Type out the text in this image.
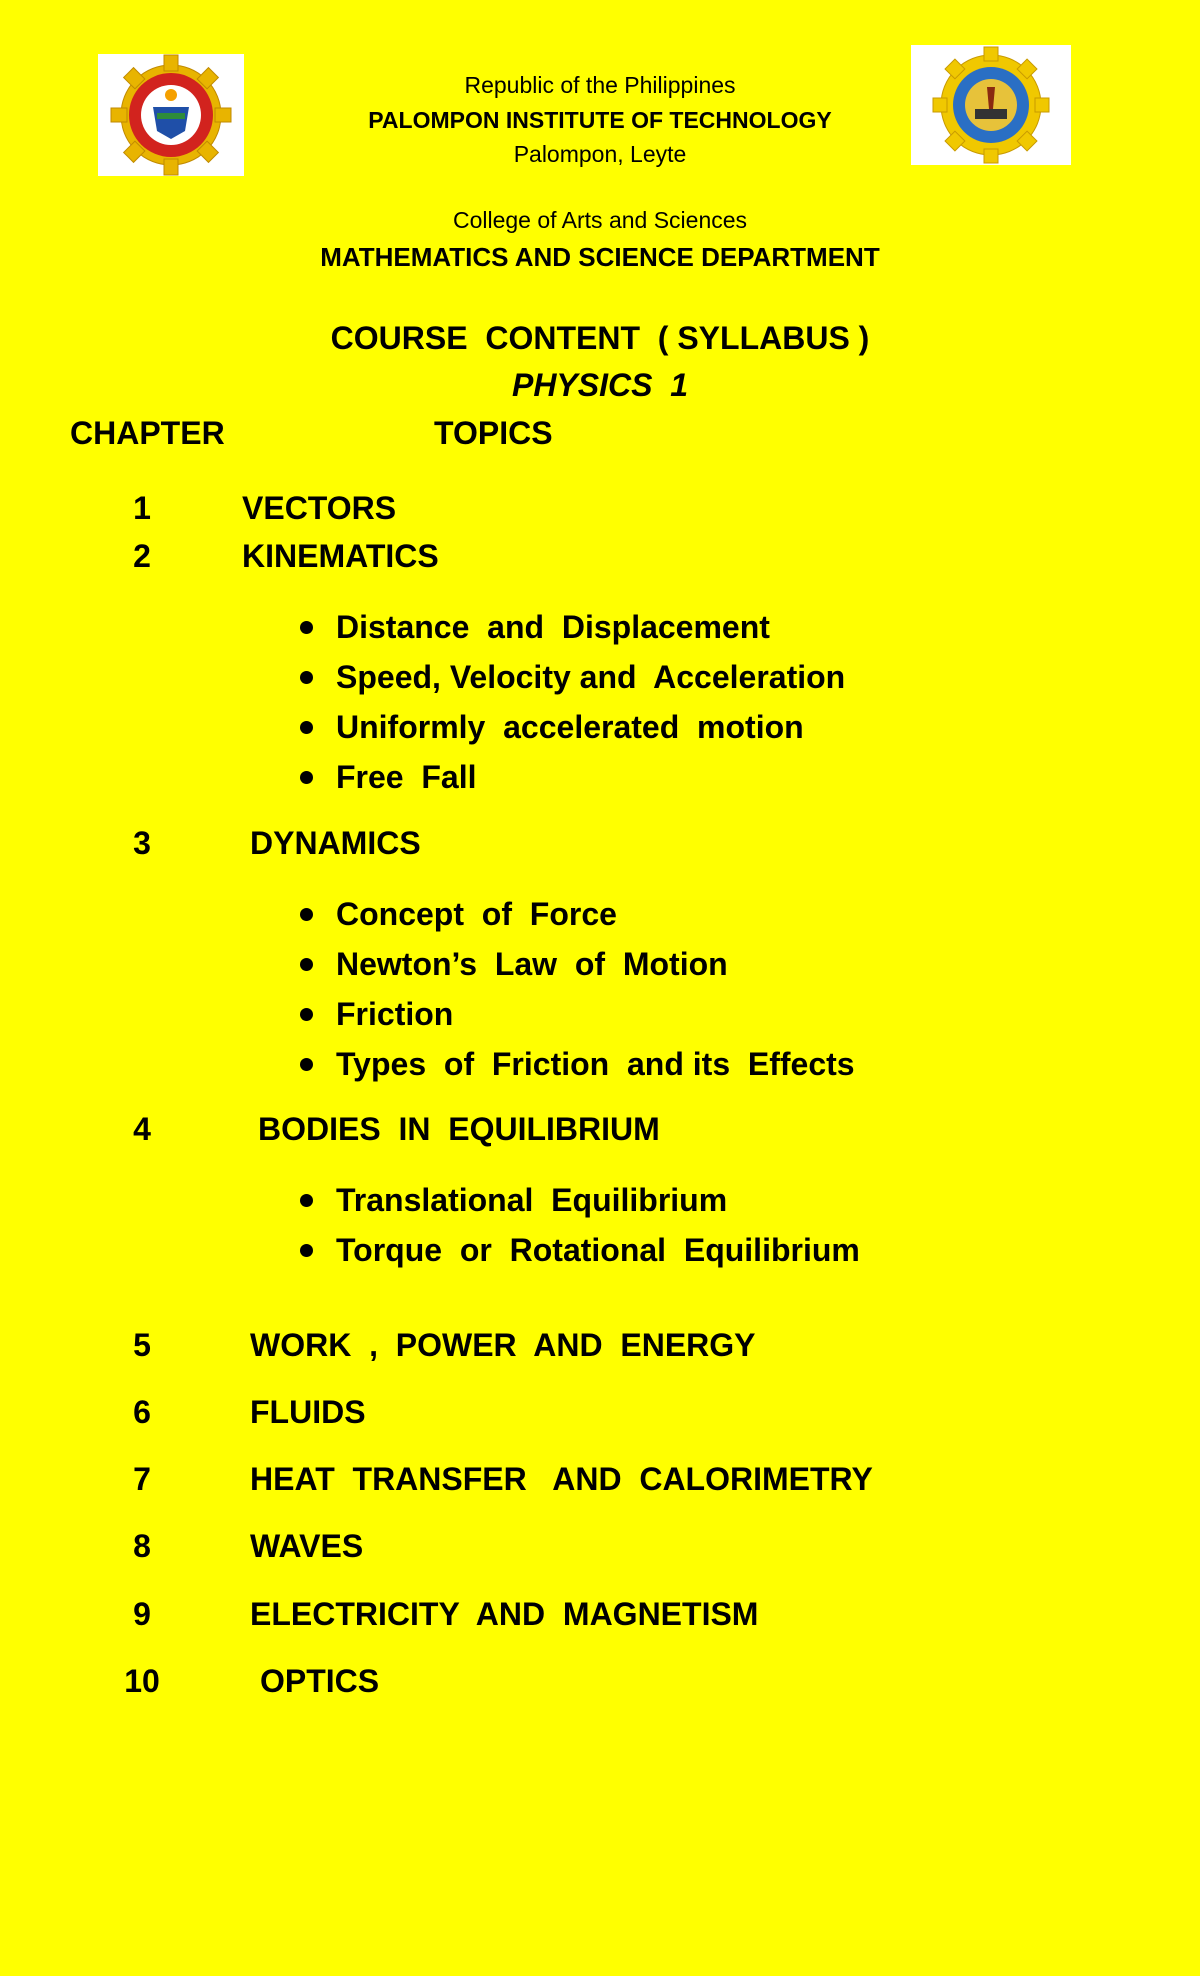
Republic of the Philippines
PALOMPON INSTITUTE OF TECHNOLOGY
Palompon, Leyte
College of Arts and Sciences
MATHEMATICS AND SCIENCE DEPARTMENT
COURSE  CONTENT  ( SYLLABUS )
PHYSICS  1
CHAPTER	TOPICS
1	VECTORS
2	KINEMATICS
Distance  and  Displacement
Speed, Velocity and  Acceleration
Uniformly  accelerated  motion
Free  Fall
3	DYNAMICS
Concept  of  Force
Newton’s  Law  of  Motion
Friction
Types  of  Friction  and its  Effects
4	BODIES  IN  EQUILIBRIUM
Translational  Equilibrium
Torque  or  Rotational  Equilibrium
5	WORK  ,  POWER  AND  ENERGY
6	FLUIDS
7	HEAT  TRANSFER   AND  CALORIMETRY
8	WAVES
9	ELECTRICITY  AND  MAGNETISM
10	OPTICS
